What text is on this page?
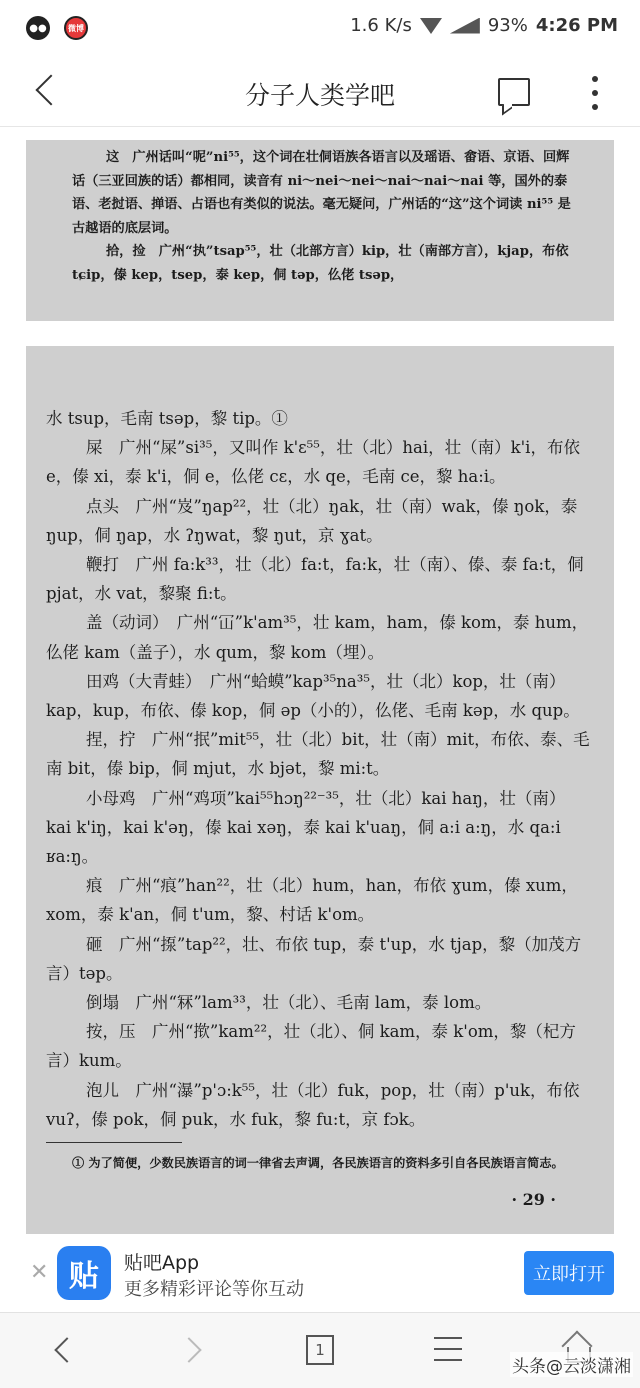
●●	微博	1.6 K/s	93% 4:26 PM
分子人类学吧

这　广州话叫“呢”ni⁵⁵，这个词在壮侗语族各语言以及瑶语、畲语、京语、回辉话（三亚回族的话）都相同，读音有 ni～nei～nei～nai～nai～nai 等，国外的泰语、老挝语、掸语、占语也有类似的说法。毫无疑问，广州话的“这”这个词读 ni⁵⁵ 是古越语的底层词。

拾，捡　广州“执”tsap⁵⁵，壮（北部方言）kip，壮（南部方言），kjap，布依 tɕip，傣 kep，tsep，泰 kep，侗 təp，仫佬 tsəp，

水 tsup，毛南 tsəp，黎 tip。①

屎　广州“屎”si³⁵，又叫作 k'ɛ⁵⁵，壮（北）hai，壮（南）k'i，布依 e，傣 xi，泰 k'i，侗 e，仫佬 cɛ，水 qe，毛南 ce，黎 ha:i。

点头　广州“岌”ŋap²²，壮（北）ŋak，壮（南）wak，傣 ŋok，泰 ŋup，侗 ŋap，水 ʔŋwat，黎 ŋut，京 ɣat。

鞭打　广州 fa:k³³，壮（北）fa:t，fa:k，壮（南）、傣、泰 fa:t，侗 pjat，水 vat，黎聚 fi:t。

盖（动词）　广州“冚”k'am³⁵，壮 kam，ham，傣 kom，泰 hum，仫佬 kam（盖子），水 qum，黎 kom（埋）。

田鸡（大青蛙）　广州“蛤蟆”kap³⁵na³⁵，壮（北）kop，壮（南）kap，kup，布依、傣 kop，侗 əp（小的），仫佬、毛南 kəp，水 qup。

捏，拧　广州“抿”mit⁵⁵，壮（北）bit，壮（南）mit，布依、泰、毛南 bit，傣 bip，侗 mjut，水 bjət，黎 mi:t。

小母鸡　广州“鸡项”kai⁵⁵hɔŋ²²⁻³⁵，壮（北）kai haŋ，壮（南）kai k'iŋ，kai k'əŋ，傣 kai xəŋ，泰 kai k'uaŋ，侗 a:i a:ŋ，水 qa:i ʁa:ŋ。

痕　广州“痕”han²²，壮（北）hum，han，布依 ɣum，傣 xum，xom，泰 k'an，侗 t'um，黎、村话 k'om。

砸　广州“揼”tap²²，壮、布依 tup，泰 t'up，水 tjap，黎（加茂方言）təp。

倒塌　广州“冧”lam³³，壮（北）、毛南 lam，泰 lom。

按，压　广州“揿”kam²²，壮（北）、侗 kam，泰 k'om，黎（杞方言）kum。

泡儿　广州“瀑”p'ɔ:k⁵⁵，壮（北）fuk，pop，壮（南）p'uk，布依 vuʔ，傣 pok，侗 puk，水 fuk，黎 fu:t，京 fɔk。

① 为了简便，少数民族语言的词一律省去声调，各民族语言的资料多引自各民族语言简志。

· 29 ·

✕ 贴	贴吧App
更多精彩评论等你互动
立即打开
1
头条@云淡潇湘
